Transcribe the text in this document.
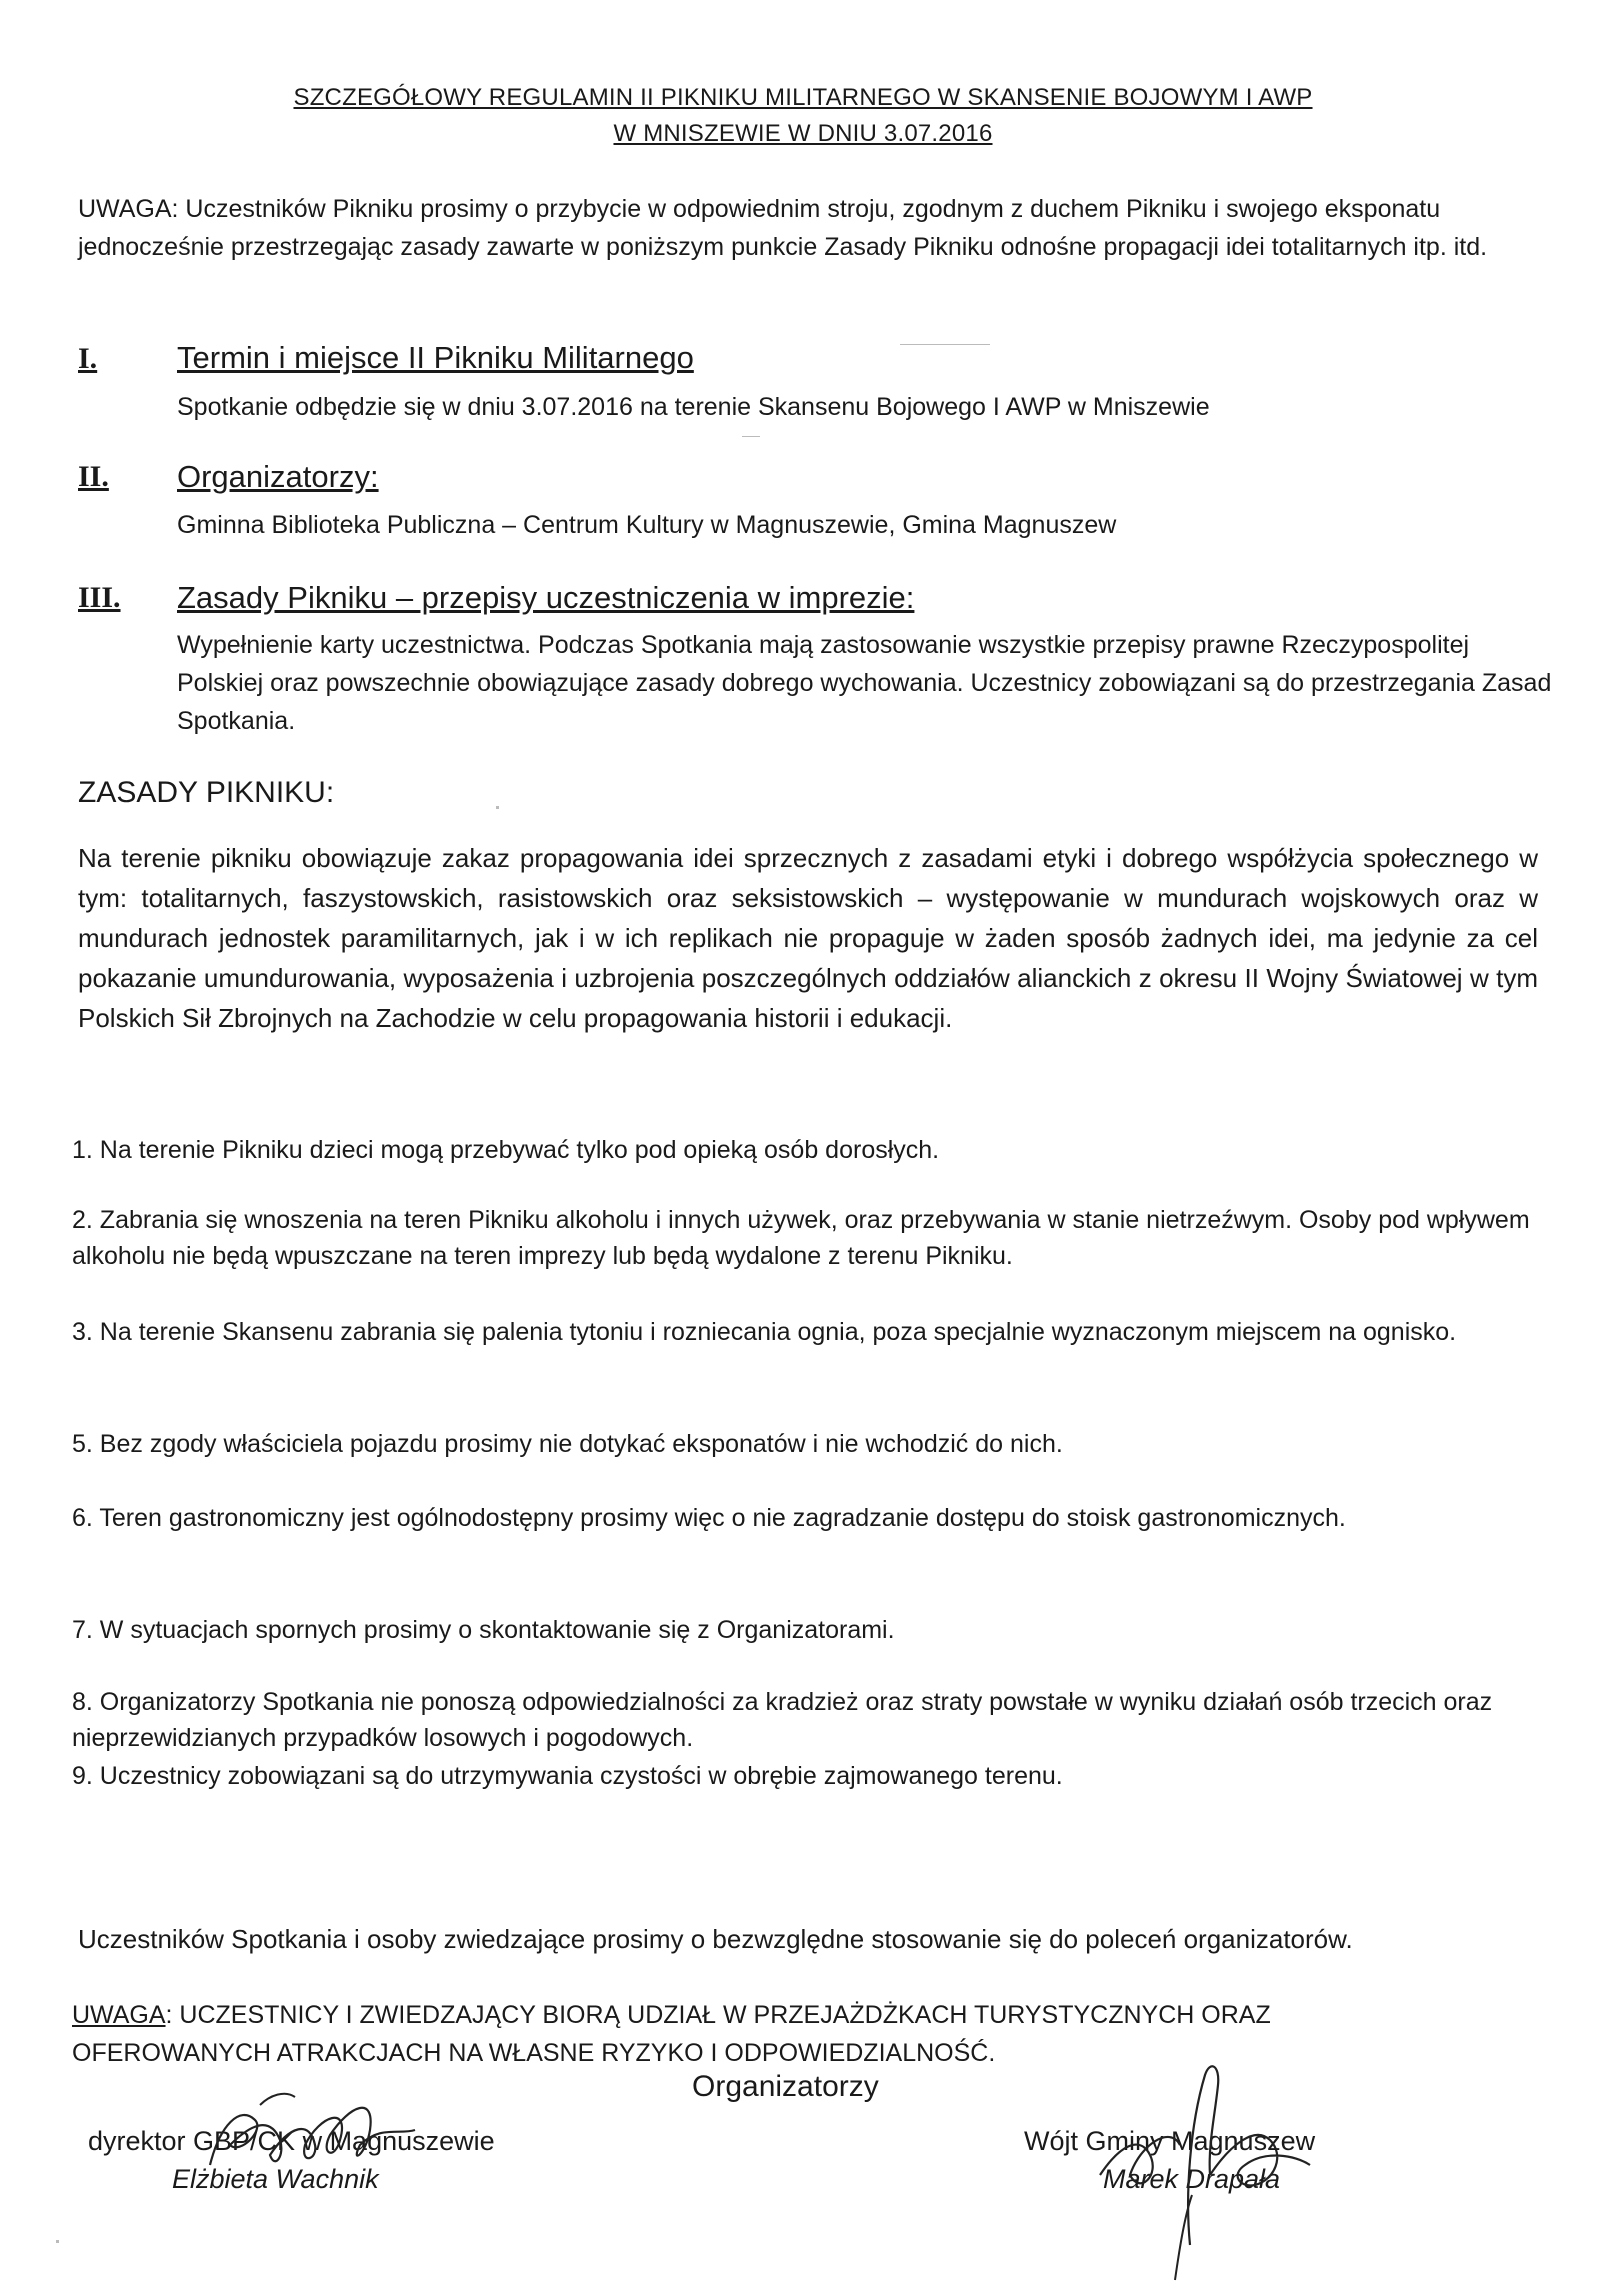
SZCZEGÓŁOWY REGULAMIN II PIKNIKU MILITARNEGO W SKANSENIE BOJOWYM I AWP
W MNISZEWIE W DNIU 3.07.2016
UWAGA: Uczestników Pikniku prosimy o przybycie w odpowiednim stroju, zgodnym z duchem Pikniku i swojego eksponatu jednocześnie przestrzegając zasady zawarte w poniższym punkcie Zasady Pikniku odnośne propagacji idei totalitarnych itp. itd.
I.	Termin i miejsce II Pikniku Militarnego
Spotkanie odbędzie się w dniu 3.07.2016 na terenie Skansenu Bojowego I AWP w Mniszewie
II. Organizatorzy:
Gminna Biblioteka Publiczna – Centrum Kultury w Magnuszewie, Gmina Magnuszew
III. Zasady Pikniku – przepisy uczestniczenia w imprezie:
Wypełnienie karty uczestnictwa. Podczas Spotkania mają zastosowanie wszystkie przepisy prawne Rzeczypospolitej Polskiej oraz powszechnie obowiązujące zasady dobrego wychowania. Uczestnicy zobowiązani są do przestrzegania Zasad Spotkania.
ZASADY PIKNIKU:
Na terenie pikniku obowiązuje zakaz propagowania idei sprzecznych z zasadami etyki i dobrego współżycia społecznego w tym: totalitarnych, faszystowskich, rasistowskich oraz seksistowskich – występowanie w mundurach wojskowych oraz w mundurach jednostek paramilitarnych, jak i w ich replikach nie propaguje w żaden sposób żadnych idei, ma jedynie za cel pokazanie umundurowania, wyposażenia i uzbrojenia poszczególnych oddziałów alianckich z okresu II Wojny Światowej w tym Polskich Sił Zbrojnych na Zachodzie w celu propagowania historii i edukacji.
1. Na terenie Pikniku dzieci mogą przebywać tylko pod opieką osób dorosłych.
2. Zabrania się wnoszenia na teren Pikniku alkoholu i innych używek, oraz przebywania w stanie nietrzeźwym. Osoby pod wpływem alkoholu nie będą wpuszczane na teren imprezy lub będą wydalone z terenu Pikniku.
3. Na terenie Skansenu zabrania się palenia tytoniu i rozniecania ognia, poza specjalnie wyznaczonym miejscem na ognisko.
5. Bez zgody właściciela pojazdu prosimy nie dotykać eksponatów i nie wchodzić do nich.
6. Teren gastronomiczny jest ogólnodostępny prosimy więc o nie zagradzanie dostępu do stoisk gastronomicznych.
7. W sytuacjach spornych prosimy o skontaktowanie się z Organizatorami.
8. Organizatorzy Spotkania nie ponoszą odpowiedzialności za kradzież oraz straty powstałe w wyniku działań osób trzecich oraz nieprzewidzianych przypadków losowych i pogodowych.
9. Uczestnicy zobowiązani są do utrzymywania czystości w obrębie zajmowanego terenu.
Uczestników Spotkania i osoby zwiedzające prosimy o bezwzględne stosowanie się do poleceń organizatorów.
UWAGA: UCZESTNICY I ZWIEDZAJĄCY BIORĄ UDZIAŁ W PRZEJAŻDŻKACH TURYSTYCZNYCH ORAZ OFEROWANYCH ATRAKCJACH NA WŁASNE RYZYKO I ODPOWIEDZIALNOŚĆ.
Organizatorzy
dyrektor GBP/CK w Magnuszewie
Elżbieta Wachnik
Wójt Gminy Magnuszew
Marek Drapała
